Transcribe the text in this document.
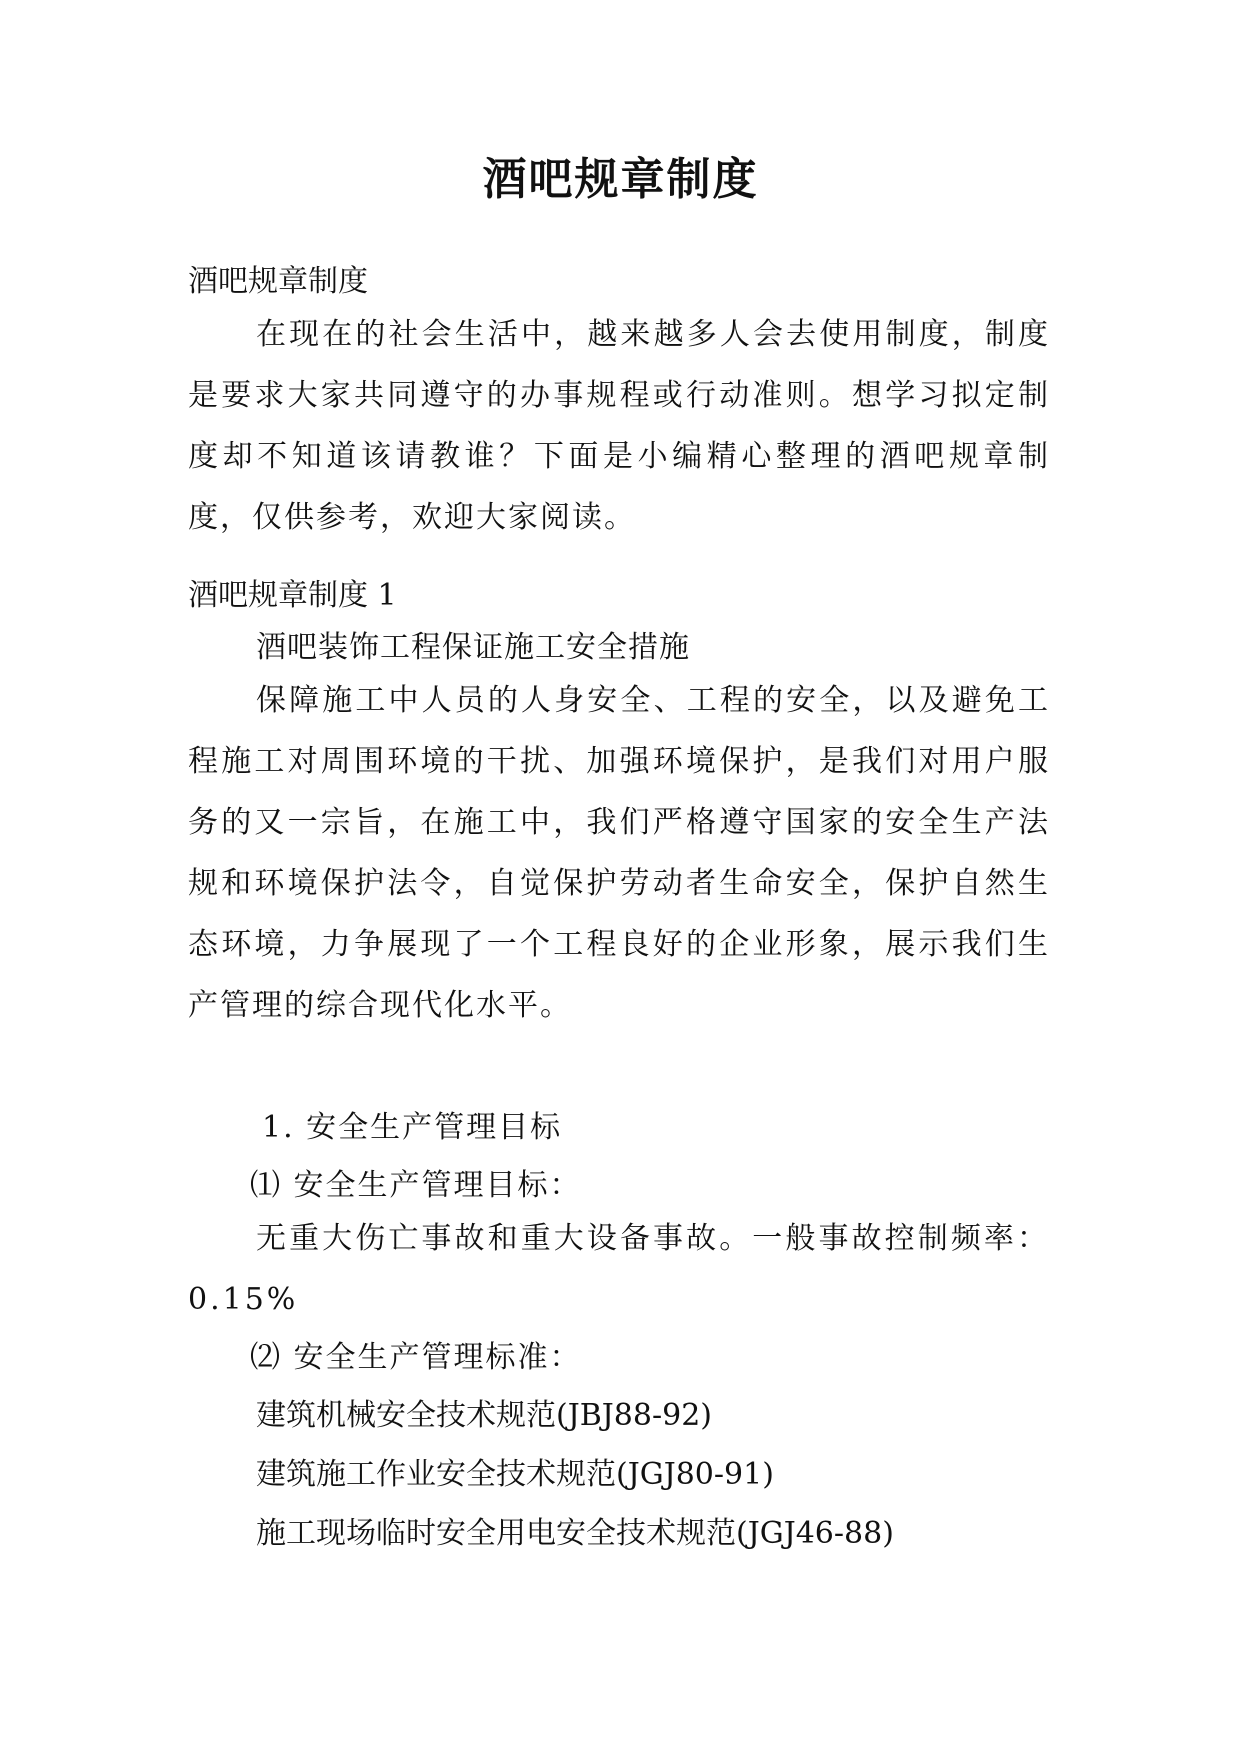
酒吧规章制度
酒吧规章制度
在现在的社会生活中，越来越多人会去使用制度，制度是要求大家共同遵守的办事规程或行动准则。想学习拟定制度却不知道该请教谁？下面是小编精心整理的酒吧规章制度，仅供参考，欢迎大家阅读。
酒吧规章制度 1
酒吧装饰工程保证施工安全措施
保障施工中人员的人身安全、工程的安全，以及避免工程施工对周围环境的干扰、加强环境保护，是我们对用户服务的又一宗旨，在施工中，我们严格遵守国家的安全生产法规和环境保护法令，自觉保护劳动者生命安全，保护自然生态环境，力争展现了一个工程良好的企业形象，展示我们生产管理的综合现代化水平。
1. 安全生产管理目标
⑴ 安全生产管理目标：
无重大伤亡事故和重大设备事故。一般事故控制频率：0.15%
⑵ 安全生产管理标准：
建筑机械安全技术规范(JBJ88-92)
建筑施工作业安全技术规范(JGJ80-91)
施工现场临时安全用电安全技术规范(JGJ46-88)
